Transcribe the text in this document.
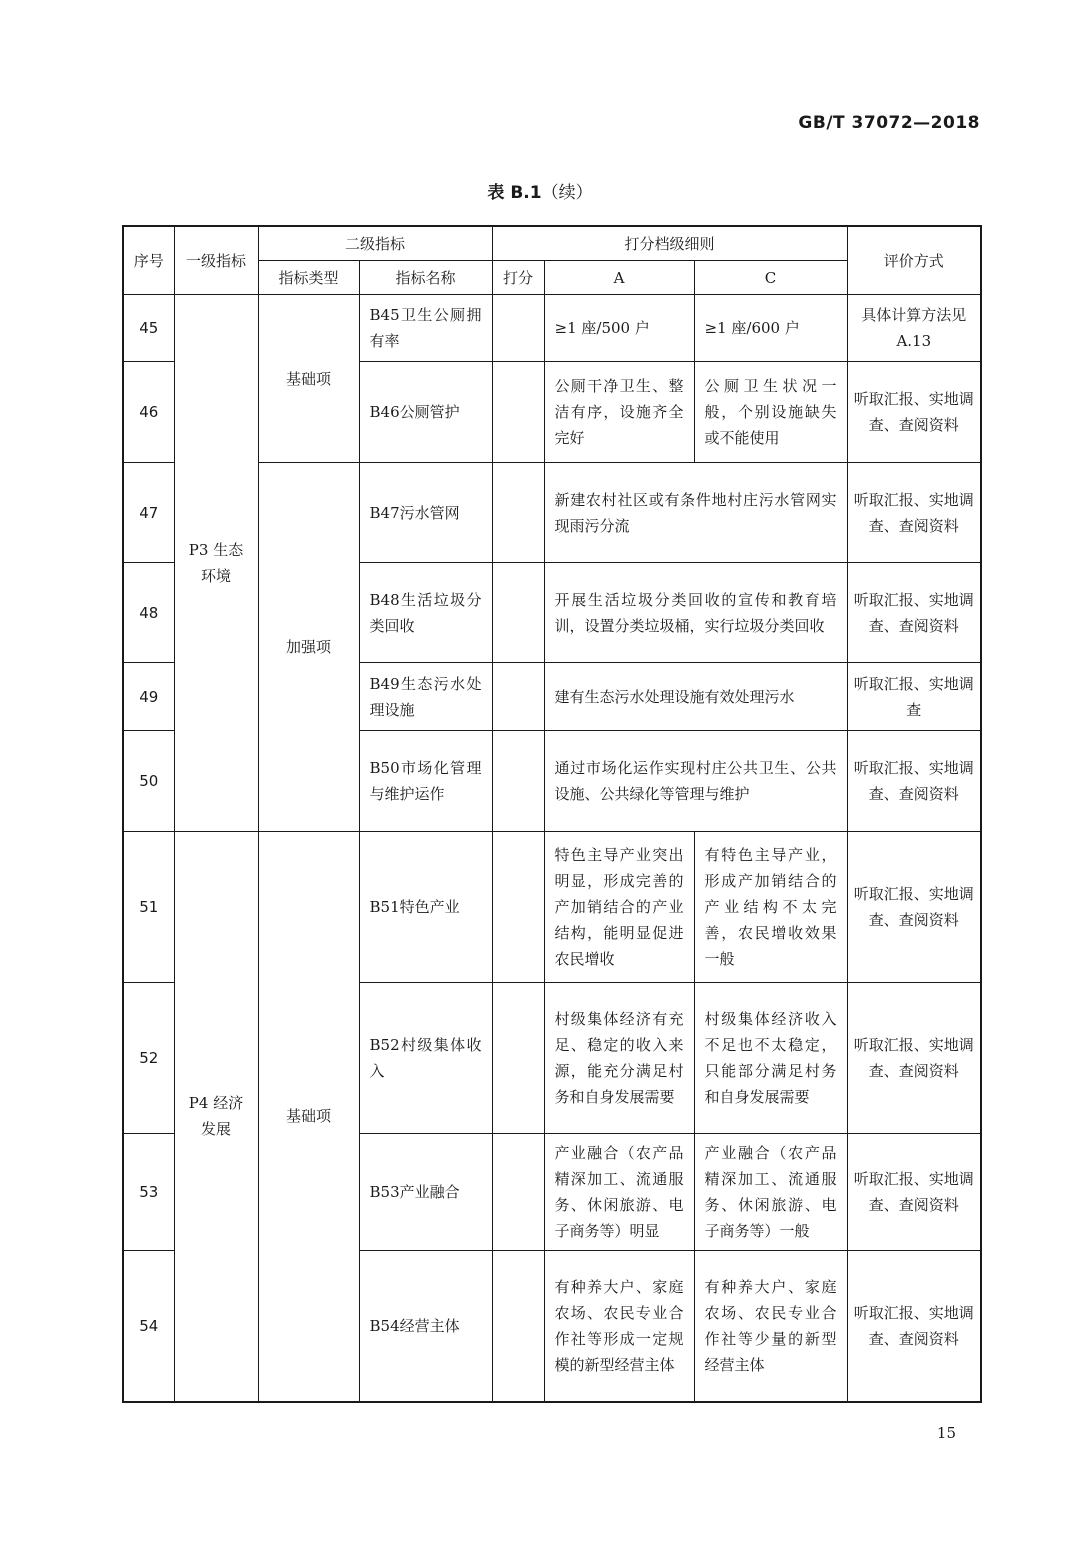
GB/T 37072—2018
表 B.1（续）
序号	一级指标	二级指标		打分档级细则			评价方式
		指标类型	指标名称	打分	A	C	
45	P3 生态环境	基础项	B45卫生公厕拥有率		≥1 座/500 户	≥1 座/600 户	具体计算方法见 A.13
46			B46公厕管护		公厕干净卫生、整洁有序，设施齐全完好	公厕卫生状况一般，个别设施缺失或不能使用	听取汇报、实地调查、查阅资料
47		加强项	B47污水管网		新建农村社区或有条件地村庄污水管网实现雨污分流		听取汇报、实地调查、查阅资料
48			B48生活垃圾分类回收		开展生活垃圾分类回收的宣传和教育培训，设置分类垃圾桶，实行垃圾分类回收		听取汇报、实地调查、查阅资料
49			B49生态污水处理设施		建有生态污水处理设施有效处理污水		听取汇报、实地调查
50			B50市场化管理与维护运作		通过市场化运作实现村庄公共卫生、公共设施、公共绿化等管理与维护		听取汇报、实地调查、查阅资料
51	P4 经济发展	基础项	B51特色产业		特色主导产业突出明显，形成完善的产加销结合的产业结构，能明显促进农民增收	有特色主导产业，形成产加销结合的产业结构不太完善，农民增收效果一般	听取汇报、实地调查、查阅资料
52			B52村级集体收入		村级集体经济有充足、稳定的收入来源，能充分满足村务和自身发展需要	村级集体经济收入不足也不太稳定，只能部分满足村务和自身发展需要	听取汇报、实地调查、查阅资料
53			B53产业融合		产业融合（农产品精深加工、流通服务、休闲旅游、电子商务等）明显	产业融合（农产品精深加工、流通服务、休闲旅游、电子商务等）一般	听取汇报、实地调查、查阅资料
54			B54经营主体		有种养大户、家庭农场、农民专业合作社等形成一定规模的新型经营主体	有种养大户、家庭农场、农民专业合作社等少量的新型经营主体	听取汇报、实地调查、查阅资料
15
